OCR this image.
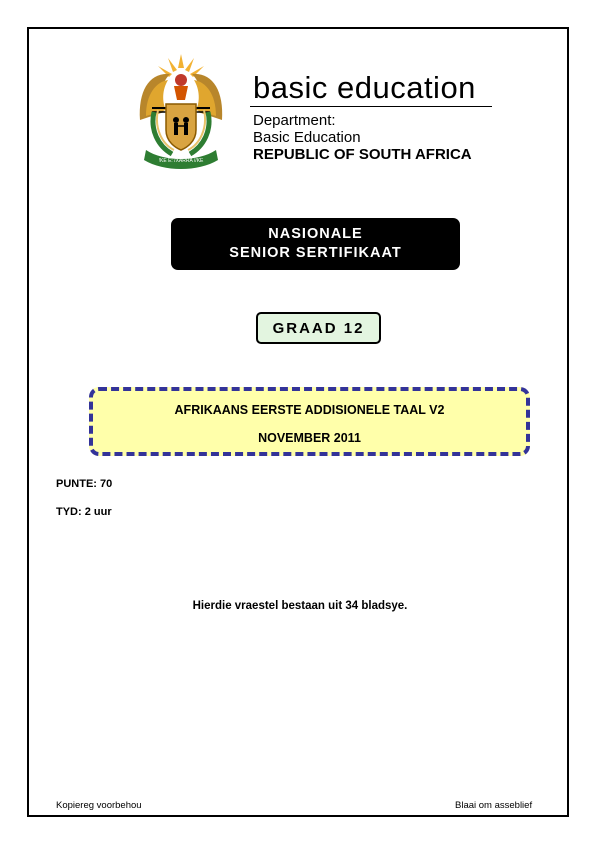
!KE E: /XARRA //KE
basic education
Department:
Basic Education
REPUBLIC OF SOUTH AFRICA
NASIONALE
SENIOR SERTIFIKAAT
GRAAD 12
AFRIKAANS EERSTE ADDISIONELE TAAL V2
NOVEMBER 2011
PUNTE: 70
TYD: 2 uur
Hierdie vraestel bestaan uit 34 bladsye.
Kopiereg voorbehou	Blaai om asseblief
